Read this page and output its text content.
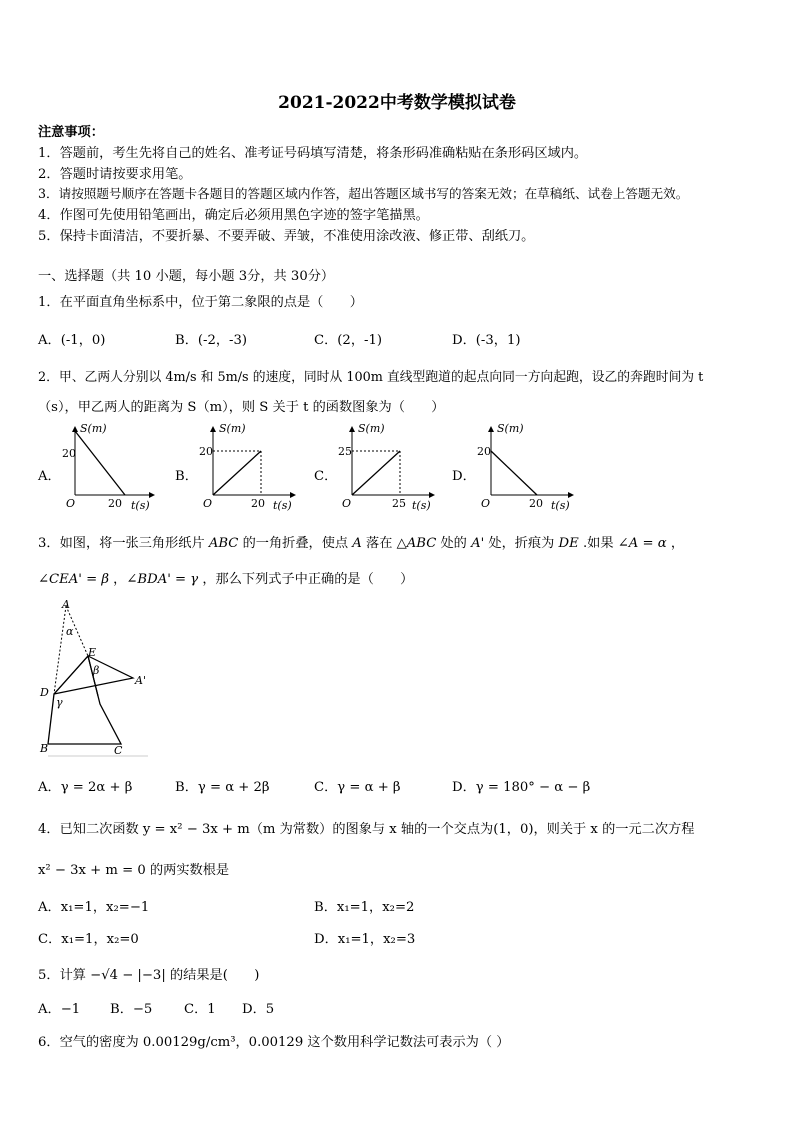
2021-2022中考数学模拟试卷
注意事项：
1．答题前，考生先将自己的姓名、准考证号码填写清楚，将条形码准确粘贴在条形码区域内。
2．答题时请按要求用笔。
3．请按照题号顺序在答题卡各题目的答题区域内作答，超出答题区域书写的答案无效；在草稿纸、试卷上答题无效。
4．作图可先使用铅笔画出，确定后必须用黑色字迹的签字笔描黑。
5．保持卡面清洁，不要折暴、不要弄破、弄皱，不准使用涂改液、修正带、刮纸刀。
一、选择题（共 10 小题，每小题 3分，共 30分）
1．在平面直角坐标系中，位于第二象限的点是（　　）
A．(-1，0)	B．(-2，-3)	C．(2，-1)	D．(-3，1)
2．甲、乙两人分别以 4m/s 和 5m/s 的速度，同时从 100m 直线型跑道的起点向同一方向起跑，设乙的奔跑时间为 t
（s），甲乙两人的距离为 S（m），则 S 关于 t 的函数图象为（　　）
A．	B．	C．	D．
S(m)
20
O	20 t(s)
S(m)
20
O	20 t(s)
S(m)
25
O	25 t(s)
S(m)
20
O	20 t(s)
3．如图，将一张三角形纸片 ABC 的一角折叠，使点 A 落在 △ABC 处的 A' 处，折痕为 DE .如果 ∠A = α ，
∠CEA' = β ，∠BDA' = γ ，那么下列式子中正确的是（　　）
A
α
E
β
A'
D
γ
B	C
A．γ = 2α + β	B．γ = α + 2β	C．γ = α + β	D．γ = 180° − α − β
4．已知二次函数 y = x² − 3x + m（m 为常数）的图象与 x 轴的一个交点为(1，0)，则关于 x 的一元二次方程
x² − 3x + m = 0 的两实数根是
A．x₁=1，x₂=−1	B．x₁=1，x₂=2
C．x₁=1，x₂=0	D．x₁=1，x₂=3
5．计算 −√4 − |−3| 的结果是(　　)
A．−1 B．−5 C．1 D．5
6．空气的密度为 0.00129g/cm³，0.00129 这个数用科学记数法可表示为（ ）
